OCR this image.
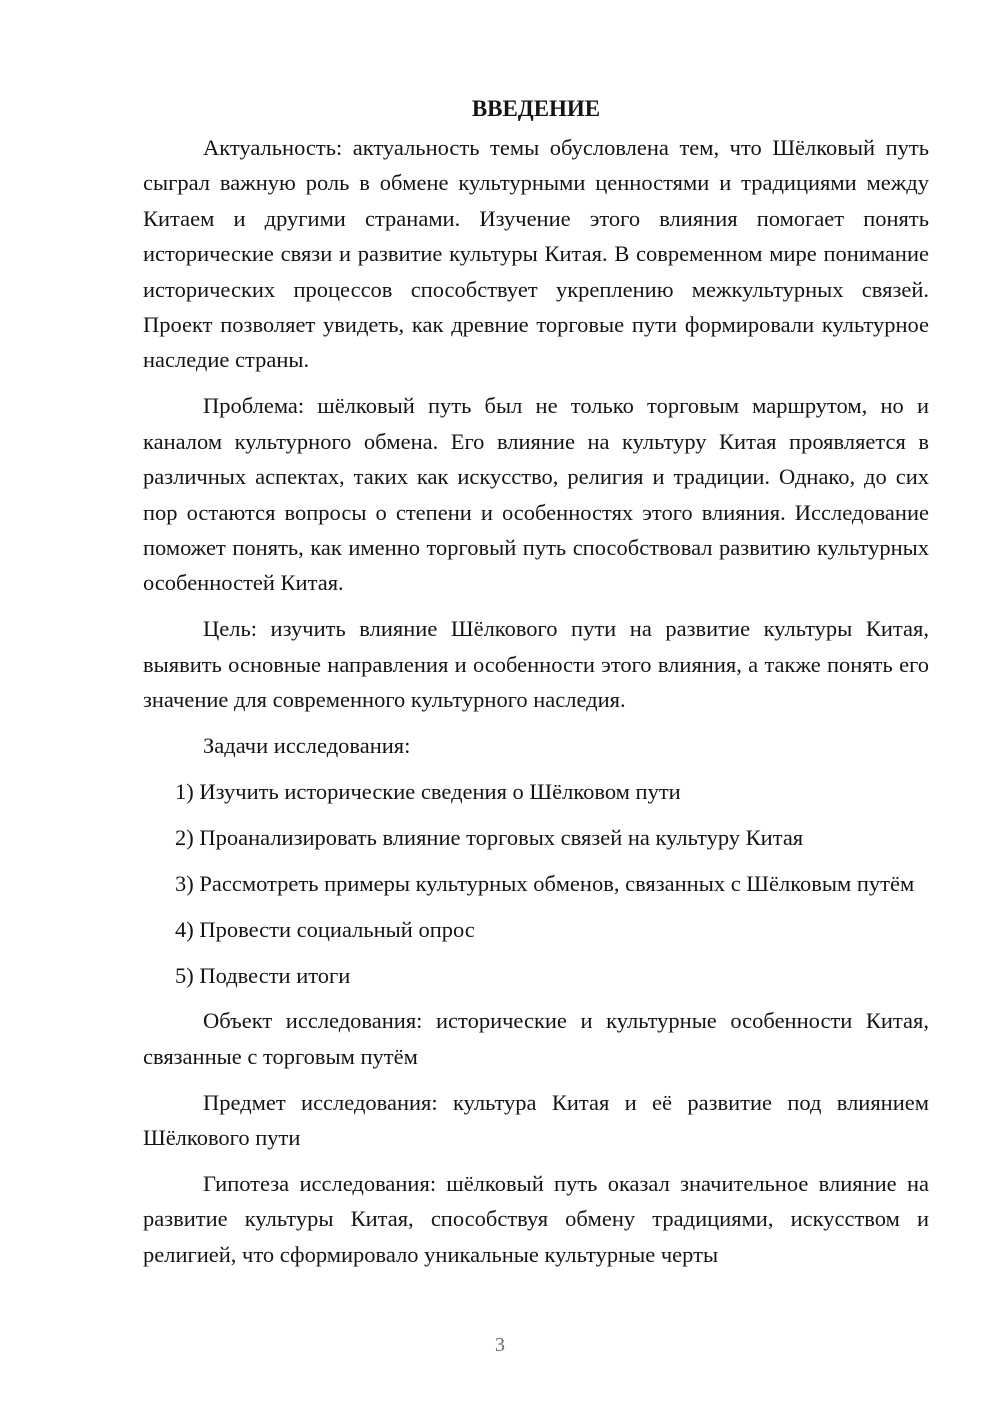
ВВЕДЕНИЕ

Актуальность: актуальность темы обусловлена тем, что Шёлковый путь сыграл важную роль в обмене культурными ценностями и традициями между Китаем и другими странами. Изучение этого влияния помогает понять исторические связи и развитие культуры Китая. В современном мире понимание исторических процессов способствует укреплению межкультурных связей. Проект позволяет увидеть, как древние торговые пути формировали культурное наследие страны.

Проблема: шёлковый путь был не только торговым маршрутом, но и каналом культурного обмена. Его влияние на культуру Китая проявляется в различных аспектах, таких как искусство, религия и традиции. Однако, до сих пор остаются вопросы о степени и особенностях этого влияния. Исследование поможет понять, как именно торговый путь способствовал развитию культурных особенностей Китая.

Цель: изучить влияние Шёлкового пути на развитие культуры Китая, выявить основные направления и особенности этого влияния, а также понять его значение для современного культурного наследия.

Задачи исследования:

1) Изучить исторические сведения о Шёлковом пути

2) Проанализировать влияние торговых связей на культуру Китая

3) Рассмотреть примеры культурных обменов, связанных с Шёлковым путём

4) Провести социальный опрос

5) Подвести итоги

Объект исследования: исторические и культурные особенности Китая, связанные с торговым путём

Предмет исследования: культура Китая и её развитие под влиянием Шёлкового пути

Гипотеза исследования: шёлковый путь оказал значительное влияние на развитие культуры Китая, способствуя обмену традициями, искусством и религией, что сформировало уникальные культурные черты

3
